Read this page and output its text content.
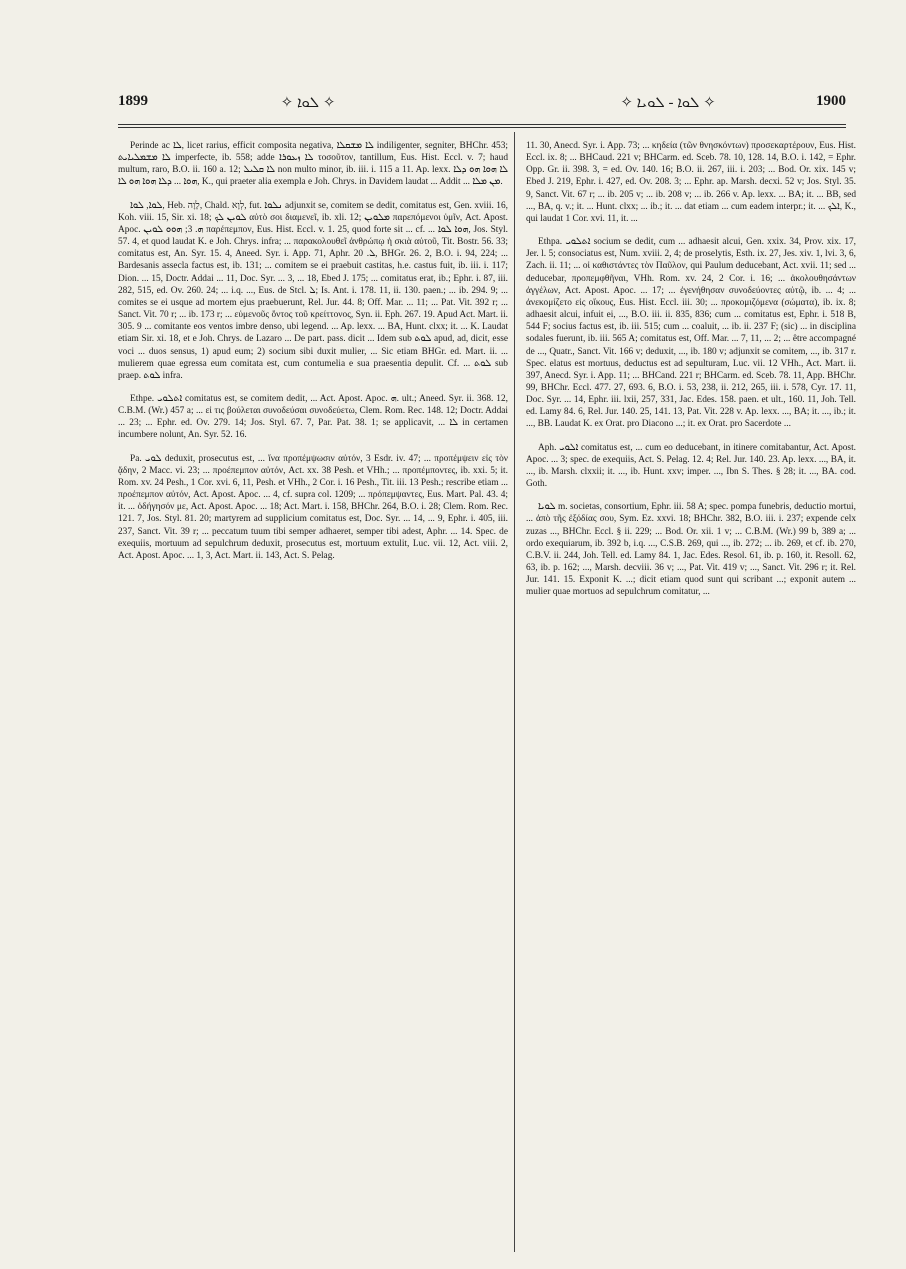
1899	✧ ܠܘܐ ✧	✧ ܠܘܐ - ܠܘܝܐ ✧	1900

Perinde ac ܠܐ, licet rarius, efficit composita negativa, ܠܐ ܡܫܩܠܐ indiligenter, segniter, BHChr. 453; ܠܐ ܡܫܡܠܝܐܝܬ imperfecte, ib. 558; adde ܠܐ ܙܥܘܪܐ τοσοῦτον, tantillum, Eus. Hist. Eccl. v. 7; haud multum, raro, B.O. ii. 160 a. 12; ܠܐ ܩܠܝܠ non multo minor, ib. iii. i. 115 a 11. Ap. lexx. ܠܐ ܗܘܐ ܗܘ ܕܠܐ ܗܘܐ ... ܕܠܐ ܗܘܐ ܗܘ ܠܐ, K., qui praeter alia exempla e Joh. Chrys. in Davidem laudat ... Addit ... ܡܢ ܡܠܐ.

ܠܘܐ, ܠܘܐ, Heb. לָוָה, Chald. לְוָא, fut. ܢܠܘܐ adjunxit se, comitem se dedit, comitatus est, Gen. xviii. 16, Koh. viii. 15, Sir. xi. 18; ܠܘܝܢ ܠܟ αὐτὸ σοι διαμενεῖ, ib. xli. 12; ܡܠܘܝܢ παρεπόμενοι ὑμῖν, Act. Apost. Apoc. ܗ. 3; ܗܘܘ ܠܘܝܢ παρέπεμπον, Eus. Hist. Eccl. v. 1. 25, quod forte sit ... cf. ... ܗܘܐ ܠܘܐ, Jos. Styl. 57. 4, et quod laudat K. e Joh. Chrys. infra; ... παρακολουθεῖ ἀνθρώπῳ ἡ σκιὰ αὐτοῦ, Tit. Bostr. 56. 33; comitatus est, An. Syr. 15. 4, Aneed. Syr. i. App. 71, Aphr. ܠ. 20, BHGr. 26. 2, B.O. i. 94, 224; ... Bardesanis assecla factus est, ib. 131; ... comitem se ei praebuit castitas, h.e. castus fuit, ib. iii. i. 117; Dion. ... 15, Doctr. Addai ... 11, Doc. Syr. ... 3, ... 18, Ebed J. 175; ... comitatus erat, ib.; Ephr. i. 87, iii. 282, 515, ed. Ov. 260. 24; ... i.q. ..., Eus. de Stcl. ܠ; Is. Ant. i. 178. 11, ii. 130. paen.; ... ib. 294. 9; ... comites se ei usque ad mortem ejus praebuerunt, Rel. Jur. 44. 8; Off. Mar. ... 11; ... Pat. Vit. 392 r; ... Sanct. Vit. 70 r; ... ib. 173 r; ... εὐμενοῦς ὄντος τοῦ κρείττονος, Syn. ii. Eph. 267. 19. Apud Act. Mart. ii. 305. 9 ... comitante eos ventos imbre denso, ubi legend. ... Ap. lexx. ... BA, Hunt. clxx; it. ... K. Laudat etiam Sir. xi. 18, et e Joh. Chrys. de Lazaro ... De part. pass. dicit ... Idem sub ܠܘܬ apud, ad, dicit, esse voci ... duos sensus, 1) apud eum; 2) socium sibi duxit mulier, ... Sic etiam BHGr. ed. Mart. ii. ... mulierem quae egressa eum comitata est, cum contumelia e sua praesentia depulit. Cf. ... ܠܘܬ sub praep. ܠܘܬ infra.

Ethpe. ܐܬܠܘܝ comitatus est, se comitem dedit, ... Act. Apost. Apoc. ܗ. ult.; Aneed. Syr. ii. 368. 12, C.B.M. (Wr.) 457 a; ... εἰ τις βούλεται συνοδεύσαι συνοδεύετω, Clem. Rom. Rec. 148. 12; Doctr. Addai ... 23; ... Ephr. ed. Ov. 279. 14; Jos. Styl. 67. 7, Par. Pat. 38. 1; se applicavit, ... ܠܐ in certamen incumbere nolunt, An. Syr. 52. 16.

Pa. ܠܘܝ deduxit, prosecutus est, ... ἵνα προπέμψωσιν αὐτόν, 3 Esdr. iv. 47; ... προπέμψειν εἰς τὸν ᾅδην, 2 Macc. vi. 23; ... προέπεμπον αὐτόν, Act. xx. 38 Pesh. et VHh.; ... προπέμποντες, ib. xxi. 5; it. Rom. xv. 24 Pesh., 1 Cor. xvi. 6, 11, Pesh. et VHh., 2 Cor. i. 16 Pesh., Tit. iii. 13 Pesh.; rescribe etiam ... προέπεμπον αὐτόν, Act. Apost. Apoc. ... 4, cf. supra col. 1209; ... πρόπεμψαντες, Eus. Mart. Pal. 43. 4; it. ... ὁδήγησόν με, Act. Apost. Apoc. ... 18; Act. Mart. i. 158, BHChr. 264, B.O. i. 28; Clem. Rom. Rec. 121. 7, Jos. Styl. 81. 20; martyrem ad supplicium comitatus est, Doc. Syr. ... 14, ... 9, Ephr. i. 405, iii. 237, Sanct. Vit. 39 r; ... peccatum tuum tibi semper adhaeret, semper tibi adest, Aphr. ... 14. Spec. de exequiis, mortuum ad sepulchrum deduxit, prosecutus est, mortuum extulit, Luc. vii. 12, Act. viii. 2, Act. Apost. Apoc. ... 1, 3, Act. Mart. ii. 143, Act. S. Pelag.

11. 30, Anecd. Syr. i. App. 73; ... κηδεία (τῶν θνησκόντων) προσεκαρτέρουν, Eus. Hist. Eccl. ix. 8; ... BHCaud. 221 v; BHCarm. ed. Sceb. 78. 10, 128. 14, B.O. i. 142, = Ephr. Opp. Gr. ii. 398. 3, = ed. Ov. 140. 16; B.O. ii. 267, iii. i. 203; ... Bod. Or. xix. 145 v; Ebed J. 219, Ephr. i. 427, ed. Ov. 208. 3; ... Ephr. ap. Marsh. decxi. 52 v; Jos. Styl. 35. 9, Sanct. Vit. 67 r; ... ib. 205 v; ... ib. 208 v; ... ib. 266 v. Ap. lexx. ... BA; it. ... BB, sed ..., BA, q. v.; it. ... Hunt. clxx; ... ib.; it. ... dat etiam ... cum eadem interpr.; it. ... ܐܠܟ, K., qui laudat 1 Cor. xvi. 11, it. ...

Ethpa. ܐܬܠܘܝ socium se dedit, cum ... adhaesit alcui, Gen. xxix. 34, Prov. xix. 17, Jer. l. 5; consociatus est, Num. xviii. 2, 4; de proselytis, Esth. ix. 27, Jes. xiv. 1, lvi. 3, 6, Zach. ii. 11; ... οἱ καθιστάντες τὸν Παῦλον, qui Paulum deducebant, Act. xvii. 11; sed ... deducebar, προπεμφθῆναι, VHh. Rom. xv. 24, 2 Cor. i. 16; ... ἀκολουθησάντων ἀγγέλων, Act. Apost. Apoc. ... 17; ... ἐγενήθησαν συνοδεύοντες αὐτῷ, ib. ... 4; ... ἀνεκομίζετο εἰς οἴκους, Eus. Hist. Eccl. iii. 30; ... προκομιζόμενα (σώματα), ib. ix. 8; adhaesit alcui, infuit ei, ..., B.O. iii. ii. 835, 836; cum ... comitatus est, Ephr. i. 518 B, 544 F; socius factus est, ib. iii. 515; cum ... coaluit, ... ib. ii. 237 F; (sic) ... in disciplina sodales fuerunt, ib. iii. 565 A; comitatus est, Off. Mar. ... 7, 11, ... 2; ... être accompagné de ..., Quatr., Sanct. Vit. 166 v; deduxit, ..., ib. 180 v; adjunxit se comitem, ..., ib. 317 r. Spec. elatus est mortuus, deductus est ad sepulturam, Luc. vii. 12 VHh., Act. Mart. ii. 397, Anecd. Syr. i. App. 11; ... BHCand. 221 r; BHCarm. ed. Sceb. 78. 11, App. BHChr. 99, BHChr. Eccl. 477. 27, 693. 6, B.O. i. 53, 238, ii. 212, 265, iii. i. 578, Cyr. 17. 11, Doc. Syr. ... 14, Ephr. iii. lxii, 257, 331, Jac. Edes. 158. paen. et ult., 160. 11, Joh. Tell. ed. Lamy 84. 6, Rel. Jur. 140. 25, 141. 13, Pat. Vit. 228 v. Ap. lexx. ..., BA; it. ..., ib.; it. ..., BB. Laudat K. ex Orat. pro Diacono ...; it. ex Orat. pro Sacerdote ...

Aph. ܐܠܘܝ comitatus est, ... cum eo deducebant, in itinere comitabantur, Act. Apost. Apoc. ... 3; spec. de exequiis, Act. S. Pelag. 12. 4; Rel. Jur. 140. 23. Ap. lexx. ..., BA, it. ..., ib. Marsh. clxxii; it. ..., ib. Hunt. xxv; imper. ..., Ibn S. Thes. § 28; it. ..., BA. cod. Goth.

ܠܘܝܐ m. societas, consortium, Ephr. iii. 58 A; spec. pompa funebris, deductio mortui, ... ἀπὸ τῆς ἐξόδίας σου, Sym. Ez. xxvi. 18; BHChr. 382, B.O. iii. i. 237; expende celx zuzas ..., BHChr. Eccl. § ii. 229; ... Bod. Or. xii. 1 v; ... C.B.M. (Wr.) 99 b, 389 a; ... ordo exequiarum, ib. 392 b, i.q. ..., C.S.B. 269, qui ..., ib. 272; ... ib. 269, et cf. ib. 270, C.B.V. ii. 244, Joh. Tell. ed. Lamy 84. 1, Jac. Edes. Resol. 61, ib. p. 160, it. Resoll. 62, 63, ib. p. 162; ..., Marsh. decviii. 36 v; ..., Pat. Vit. 419 v; ..., Sanct. Vit. 296 r; it. Rel. Jur. 141. 15. Exponit K. ...; dicit etiam quod sunt qui scribant ...; exponit autem ... mulier quae mortuos ad sepulchrum comitatur, ...
